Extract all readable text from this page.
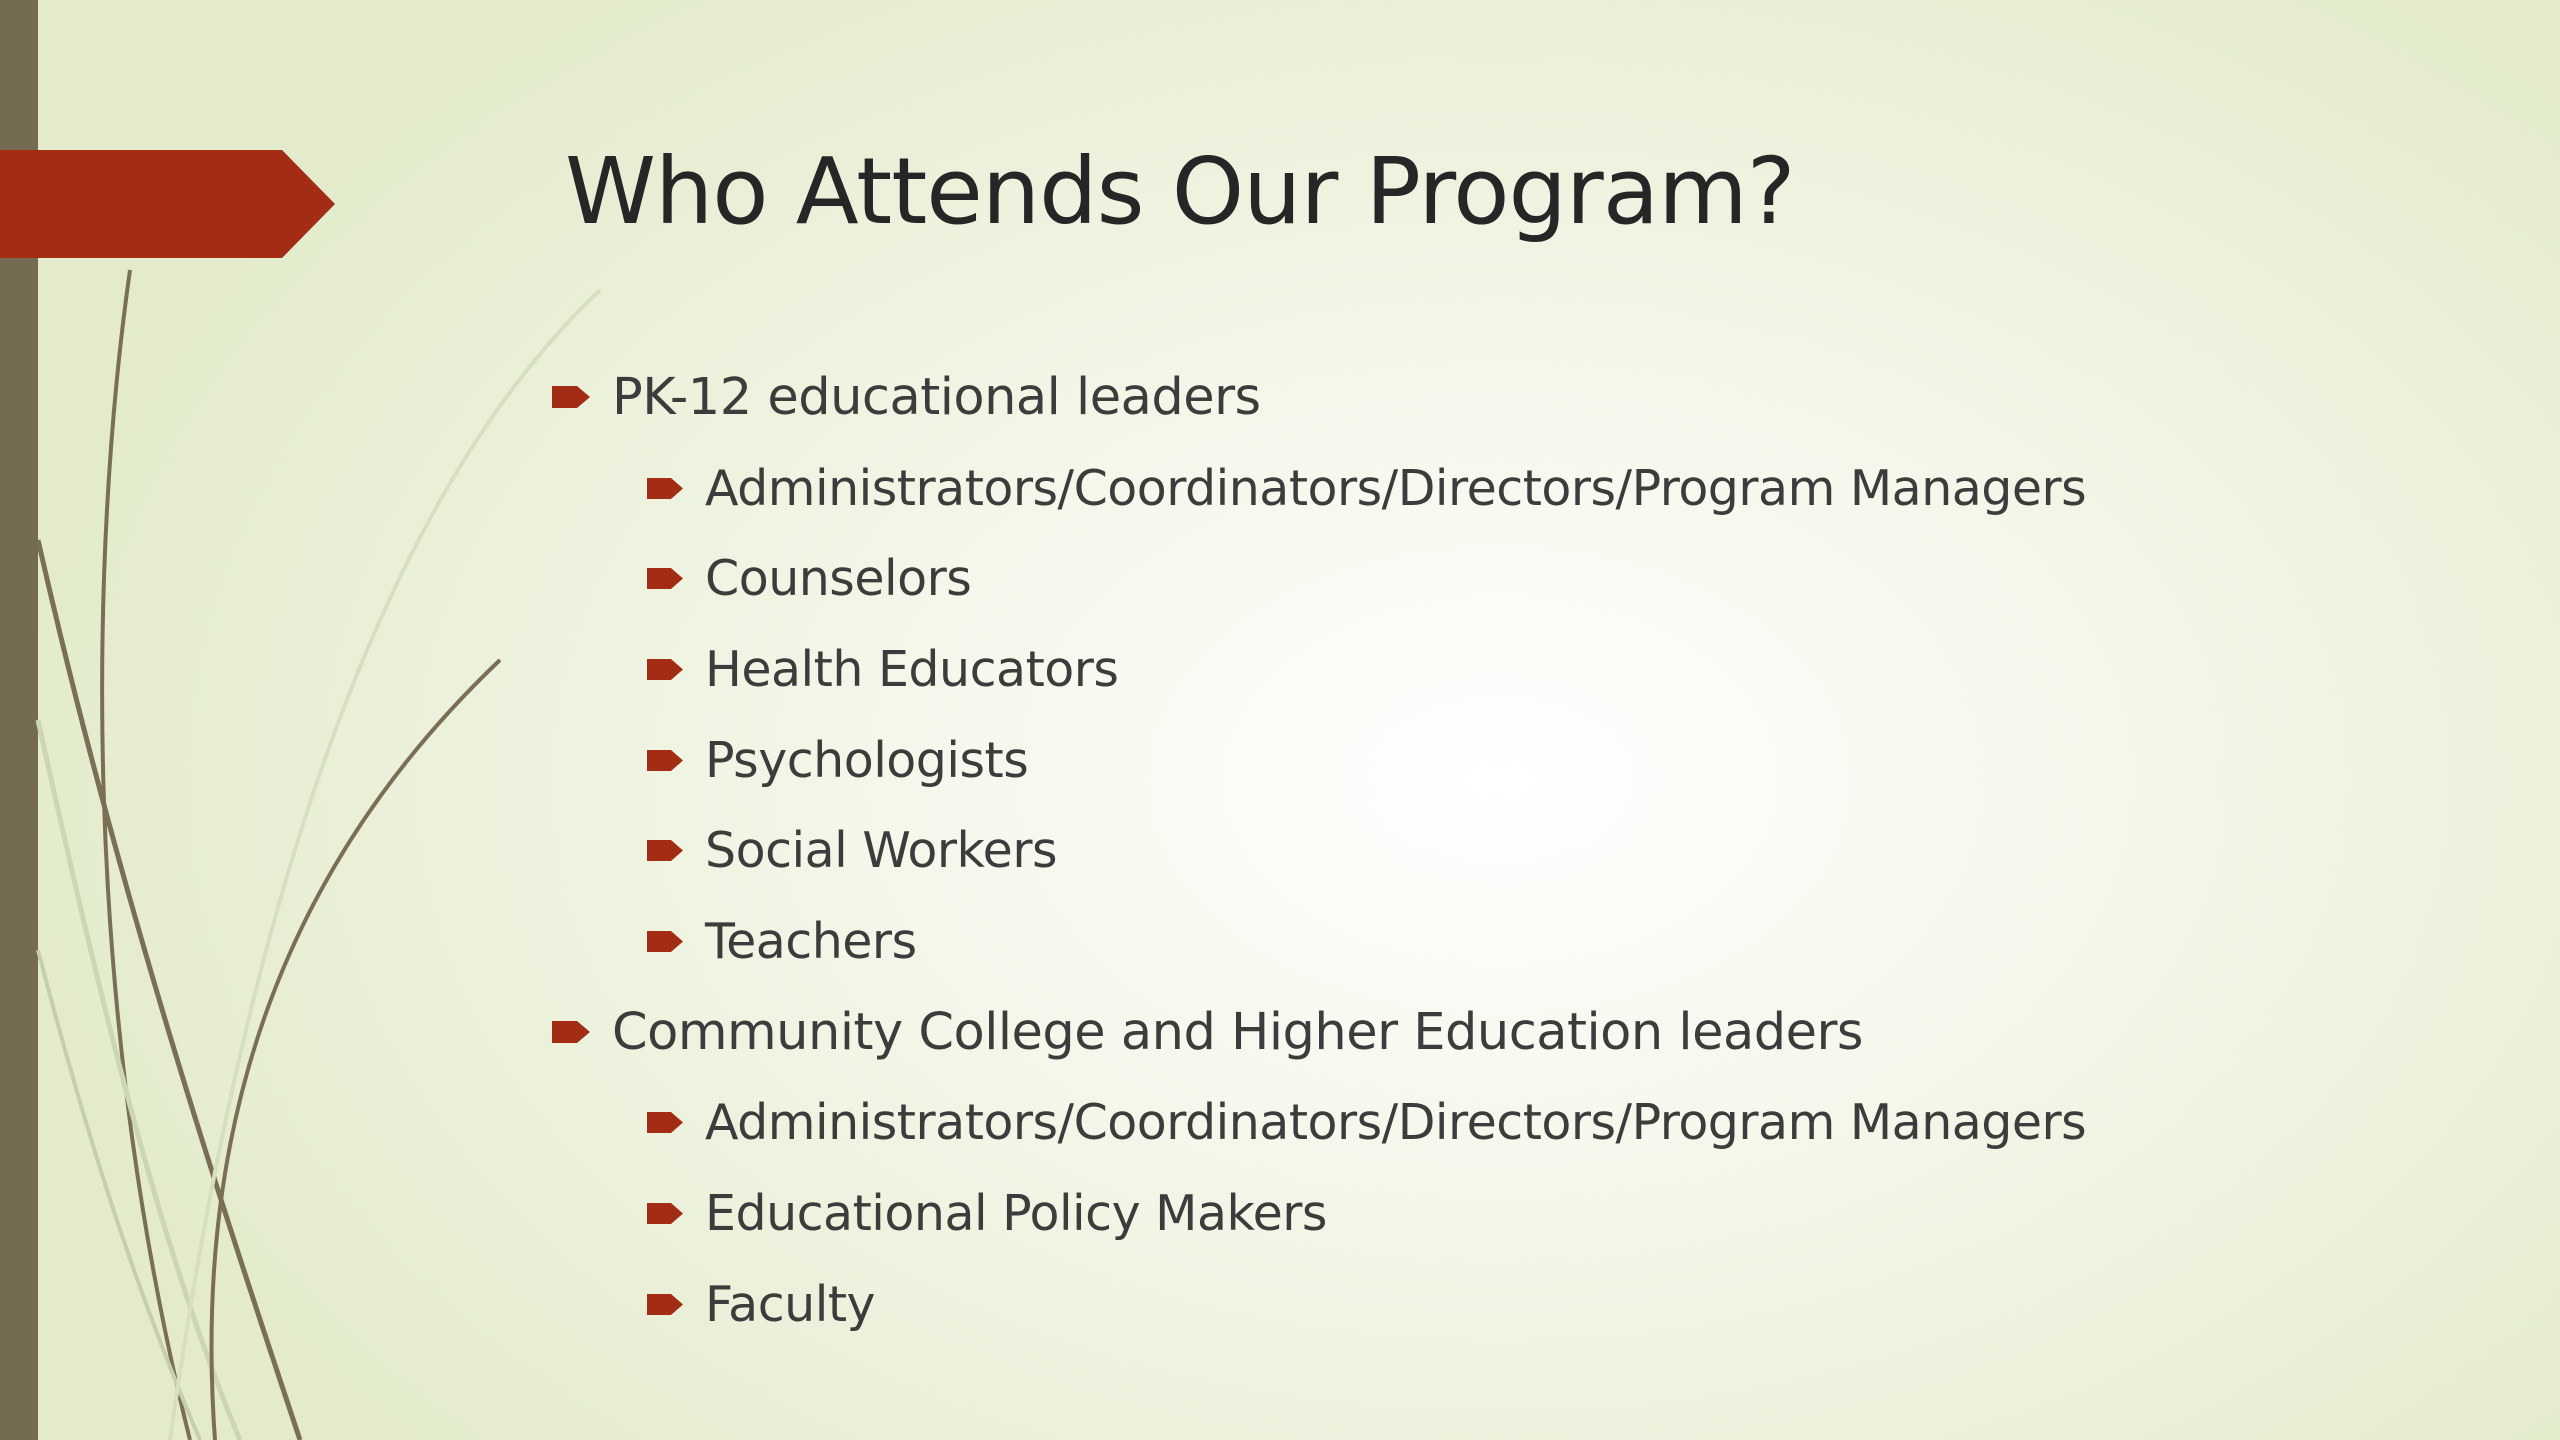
Who Attends Our Program?
PK-12 educational leaders
Administrators/Coordinators/Directors/Program Managers
Counselors
Health Educators
Psychologists
Social Workers
Teachers
Community College and Higher Education leaders
Administrators/Coordinators/Directors/Program Managers
Educational Policy Makers
Faculty
